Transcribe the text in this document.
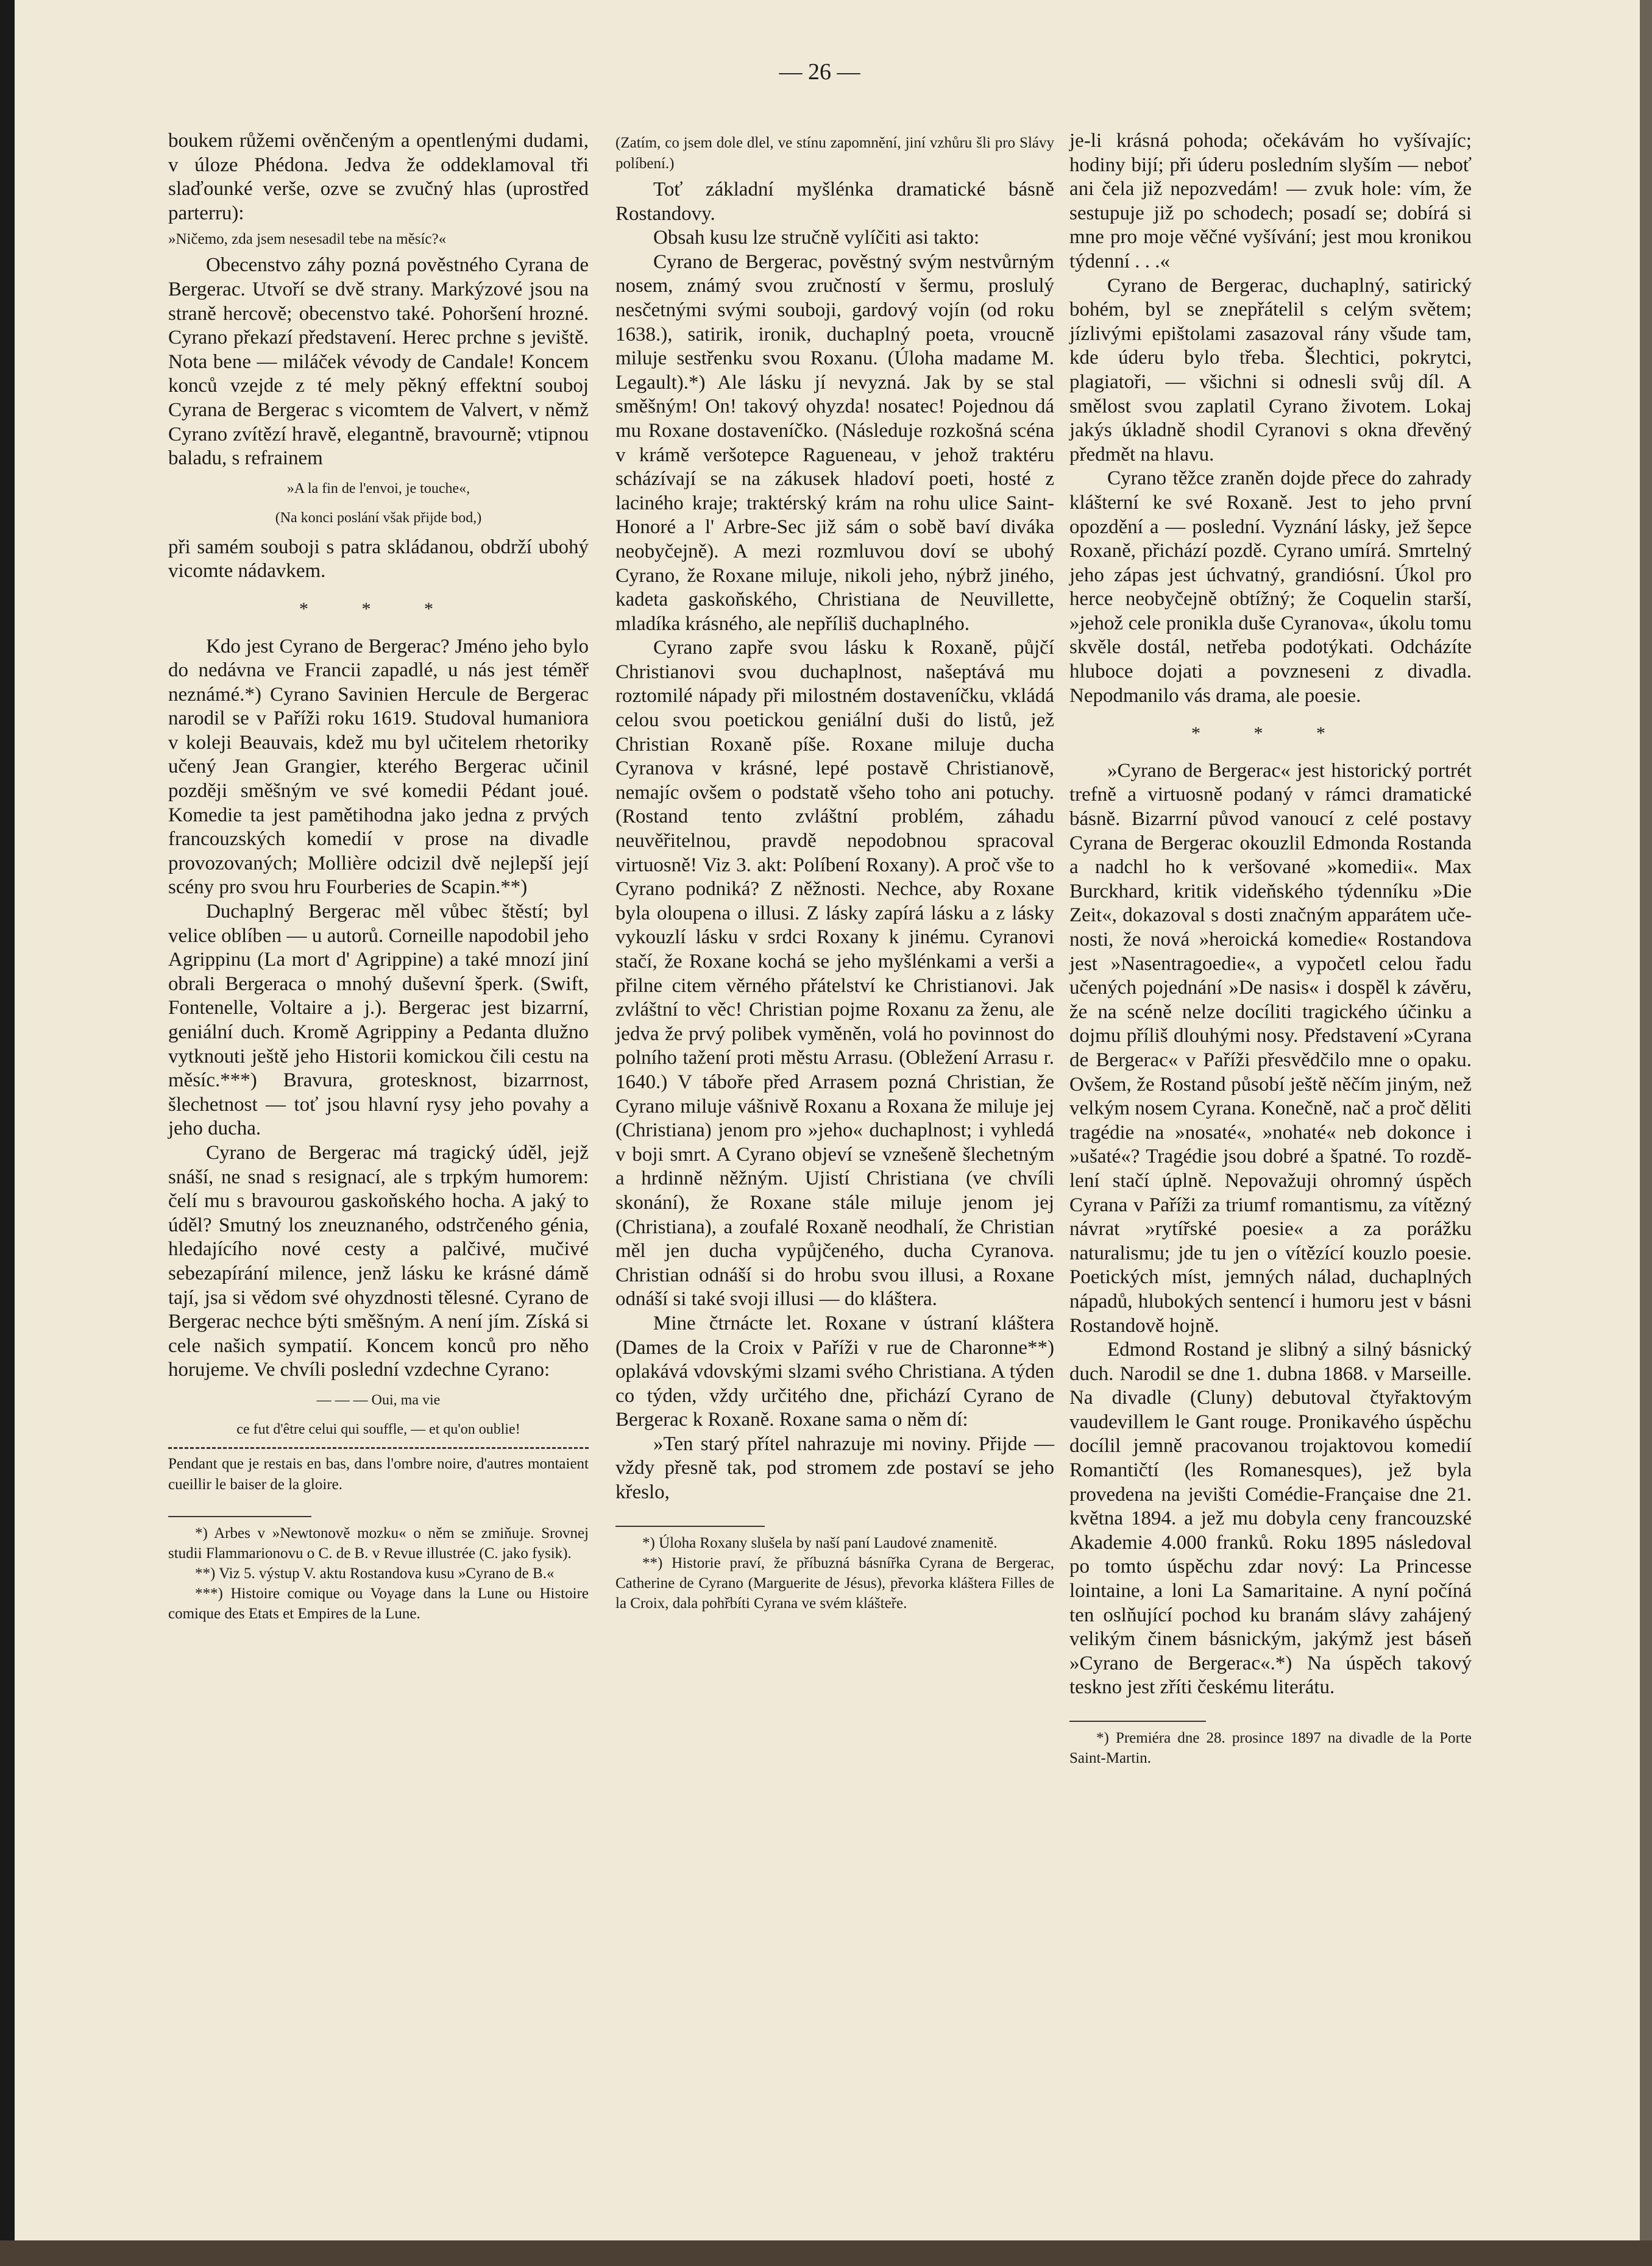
— 26 —

boukem růžemi ověnčeným a opentlenými dudami, v úloze Phédona. Jedva že oddeklamoval tři slaďounké verše, ozve se zvučný hlas (uprostřed parterru):

»Ničemo, zda jsem nesesadil tebe na měsíc?«

Obecenstvo záhy pozná pověstného Cyrana de Bergerac. Utvoří se dvě strany. Markýzové jsou na straně hercově; obecenstvo také. Pohoršení hrozné. Cyrano překazí představení. Herec prchne s jeviště. Nota bene — miláček vévody de Candale! Koncem konců vzejde z té mely pěkný effektní souboj Cyrana de Bergerac s vicomtem de Valvert, v němž Cyrano zvítězí hravě, elegantně, bravourně; vtipnou baladu, s refrainem

»A la fin de l'envoi, je touche«,

(Na konci poslání však přijde bod,)

při samém souboji s patra skládanou, obdrží ubohý vicomte nádavkem.

* * *

Kdo jest Cyrano de Bergerac? Jméno jeho bylo do nedávna ve Francii zapadlé, u nás jest téměř neznámé.*) Cyrano Savinien Hercule de Bergerac narodil se v Paříži roku 1619. Studoval humaniora v koleji Beauvais, kdež mu byl učitelem rhetoriky učený Jean Grangier, kterého Bergerac učinil později směšným ve své komedii Pédant joué. Komedie ta jest pamětihodna jako jedna z prvých francouzských komedií v prose na divadle provozovaných; Mollière odcizil dvě nejlepší její scény pro svou hru Fourberies de Scapin.**)

Duchaplný Bergerac měl vůbec štěstí; byl velice oblíben — u autorů. Corneille napodobil jeho Agrippinu (La mort d' Agrippine) a také mnozí jiní obrali Bergeraca o mnohý duševní šperk. (Swift, Fontenelle, Voltaire a j.). Bergerac jest bizarrní, geniální duch. Kromě Agrippiny a Pedanta dlužno vytknouti ještě jeho Historii komickou čili cestu na měsíc.***) Bravura, grotesknost, bizarrnost, šlechetnost — toť jsou hlavní rysy jeho povahy a jeho ducha.

Cyrano de Bergerac má tragický úděl, jejž snáší, ne snad s resignací, ale s trpkým humorem: čelí mu s bravourou gaskoňského hocha. A jaký to úděl? Smutný los zneuznaného, odstrčeného génia, hledajícího nové cesty a palčivé, mučivé sebezapírání milence, jenž lásku ke krásné dámě tají, jsa si vědom své ohyzdnosti tělesné. Cyrano de Bergerac nechce býti směšným. A není jím. Získá si cele našich sympatií. Koncem konců pro něho horujeme. Ve chvíli poslední vzdechne Cyrano:

— — — Oui, ma vie

ce fut d'être celui qui souffle, — et qu'on oublie!

Pendant que je restais en bas, dans l'ombre noire, d'autres montaient cueillir le baiser de la gloire.

*) Arbes v »Newtonově mozku« o něm se zmiňuje. Srovnej studii Flammarionovu o C. de B. v Revue illustrée (C. jako fysik).

**) Viz 5. výstup V. aktu Rostandova kusu »Cyrano de B.«

***) Histoire comique ou Voyage dans la Lune ou Histoire comique des Etats et Empires de la Lune.

(Zatím, co jsem dole dlel, ve stínu zapomnění, jiní vzhůru šli pro Slávy políbení.)

Toť základní myšlénka dramatické básně Rostandovy.

Obsah kusu lze stručně vylíčiti asi takto:

Cyrano de Bergerac, pověstný svým nestvůrným nosem, známý svou zručností v šermu, proslulý nesčetnými svými souboji, gardový vojín (od roku 1638.), satirik, ironik, duchaplný poeta, vroucně miluje sestřenku svou Roxanu. (Úloha madame M. Legault).*) Ale lásku jí nevyzná. Jak by se stal směšným! On! takový ohyzda! nosatec! Pojednou dá mu Roxane dostaveníčko. (Následuje rozkošná scéna v krámě veršotepce Ragueneau, v jehož traktéru scházívají se na zákusek hladoví poeti, hosté z laciného kraje; traktérský krám na rohu ulice Saint-Honoré a l' Arbre-Sec již sám o sobě baví diváka neobyčejně). A mezi rozmluvou doví se ubohý Cyrano, že Roxane miluje, nikoli jeho, nýbrž jiného, kadeta gaskoňského, Christiana de Neuvillette, mladíka krásného, ale nepříliš duchaplného.

Cyrano zapře svou lásku k Roxaně, půjčí Christianovi svou duchaplnost, našeptává mu roztomilé nápady při milostném dostaveníčku, vkládá celou svou poetickou geniální duši do listů, jež Christian Roxaně píše. Roxane miluje ducha Cyranova v krásné, lepé postavě Christianově, nemajíc ovšem o podstatě všeho toho ani potuchy. (Rostand tento zvláštní problém, záhadu neuvěřitelnou, pravdě nepodobnou spracoval virtuosně! Viz 3. akt: Políbení Roxany). A proč vše to Cyrano podniká? Z něžnosti. Nechce, aby Roxane byla oloupena o illusi. Z lásky zapírá lásku a z lásky vykouzlí lásku v srdci Roxany k jinému. Cyranovi stačí, že Roxane kochá se jeho myšlénkami a verši a přilne citem věrného přátelství ke Christianovi. Jak zvláštní to věc! Christian pojme Roxanu za ženu, ale jedva že prvý polibek vyměněn, volá ho povinnost do polního tažení proti městu Arrasu. (Obležení Arrasu r. 1640.) V táboře před Arrasem pozná Christian, že Cyrano miluje vášnivě Roxanu a Roxana že miluje jej (Christiana) jenom pro »jeho« duchaplnost; i vyhledá v boji smrt. A Cyrano objeví se vznešeně šlechetným a hrdinně něžným. Ujistí Christiana (ve chvíli skonání), že Roxane stále miluje jenom jej (Christiana), a zoufalé Roxaně neodhalí, že Christian měl jen ducha vypůjčeného, ducha Cyranova. Christian odnáší si do hrobu svou illusi, a Roxane odnáší si také svoji illusi — do kláštera.

Mine čtrnácte let. Roxane v ústraní kláštera (Dames de la Croix v Paříži v rue de Charonne**) oplakává vdovskými slzami svého Christiana. A týden co týden, vždy určitého dne, přichází Cyrano de Bergerac k Roxaně. Roxane sama o něm dí:

»Ten starý přítel nahrazuje mi noviny. Přijde — vždy přesně tak, pod stromem zde postaví se jeho křeslo,

*) Úloha Roxany slušela by naší paní Laudové znamenitě.

**) Historie praví, že příbuzná básnířka Cyrana de Bergerac, Catherine de Cyrano (Marguerite de Jésus), převorka kláštera Filles de la Croix, dala pohřbíti Cyrana ve svém klášteře.

je-li krásná pohoda; očekávám ho vyšívajíc; hodiny bijí; při úderu posledním slyším — neboť ani čela již nepozvedám! — zvuk hole: vím, že sestupuje již po schodech; posadí se; dobírá si mne pro moje věčné vyšívání; jest mou kronikou týdenní . . .«

Cyrano de Bergerac, duchaplný, satirický bohém, byl se znepřátelil s celým světem; jízlivými epištolami zasazoval rány všude tam, kde úderu bylo třeba. Šlechtici, pokrytci, plagiatoři, — všichni si odnesli svůj díl. A smělost svou zaplatil Cyrano životem. Lokaj jakýs úkladně shodil Cyranovi s okna dřevěný předmět na hlavu.

Cyrano těžce zraněn dojde přece do zahrady klášterní ke své Roxaně. Jest to jeho první opozdění a — poslední. Vyznání lásky, jež šepce Roxaně, přichází pozdě. Cyrano umírá. Smrtelný jeho zápas jest úchvatný, grandiósní. Úkol pro herce neobyčejně obtížný; že Coquelin starší, »jehož cele pronikla duše Cyranova«, úkolu tomu skvěle dostál, netřeba podotýkati. Odcházíte hluboce dojati a povzneseni z divadla. Nepodmanilo vás drama, ale poesie.

* * *

»Cyrano de Bergerac« jest historický portrét trefně a virtuosně podaný v rámci dramatické básně. Bizarrní původ vanoucí z celé postavy Cyrana de Bergerac okouzlil Edmonda Rostanda a nadchl ho k veršované »komedii«. Max Burckhard, kritik videňského týdenníku »Die Zeit«, dokazoval s dosti značným apparátem učenosti, že nová »heroická komedie« Rostandova jest »Nasentragoedie«, a vypočetl celou řadu učených pojednání »De nasis« i dospěl k závěru, že na scéně nelze docíliti tragického účinku a dojmu příliš dlouhými nosy. Představení »Cyrana de Bergerac« v Paříži přesvědčilo mne o opaku. Ovšem, že Rostand působí ještě něčím jiným, než velkým nosem Cyrana. Konečně, nač a proč děliti tragédie na »nosaté«, »nohaté« neb dokonce i »ušaté«? Tragédie jsou dobré a špatné. To rozdělení stačí úplně. Nepovažuji ohromný úspěch Cyrana v Paříži za triumf romantismu, za vítězný návrat »rytířské poesie« a za porážku naturalismu; jde tu jen o vítězící kouzlo poesie. Poetických míst, jemných nálad, duchaplných nápadů, hlubokých sentencí i humoru jest v básni Rostandově hojně.

Edmond Rostand je slibný a silný básnický duch. Narodil se dne 1. dubna 1868. v Marseille. Na divadle (Cluny) debutoval čtyřaktovým vaudevillem le Gant rouge. Pronikavého úspěchu docílil jemně pracovanou trojaktovou komedií Romantičtí (les Romanesques), jež byla provedena na jevišti Comédie-Française dne 21. května 1894. a jež mu dobyla ceny francouzské Akademie 4.000 franků. Roku 1895 následoval po tomto úspěchu zdar nový: La Princesse lointaine, a loni La Samaritaine. A nyní počíná ten oslňující pochod ku branám slávy zahájený velikým činem básnickým, jakýmž jest báseň »Cyrano de Bergerac«.*) Na úspěch takový teskno jest zříti českému literátu.

*) Premiéra dne 28. prosince 1897 na divadle de la Porte Saint-Martin.
